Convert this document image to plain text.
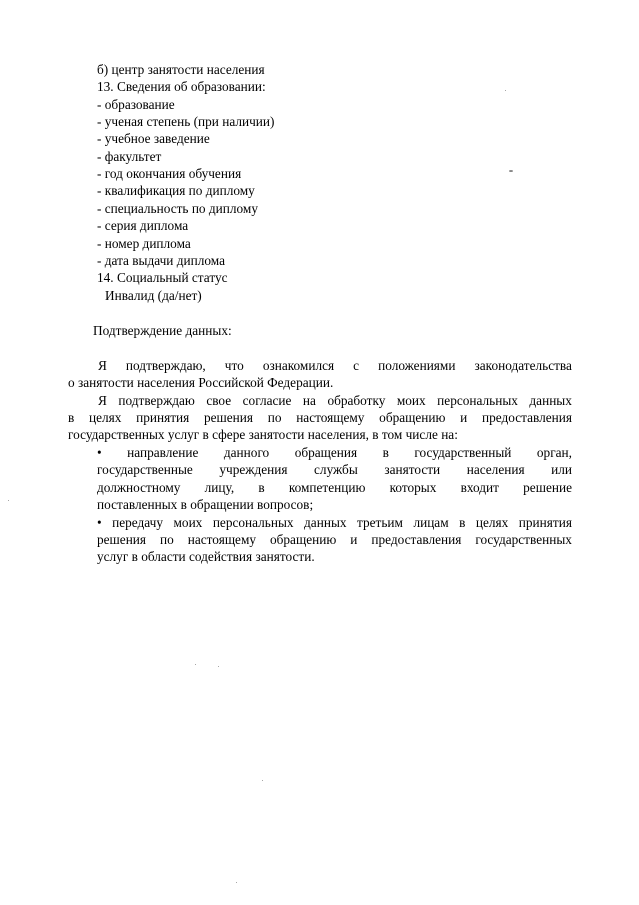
б) центр занятости населения
13. Сведения об образовании:
- образование
- ученая степень (при наличии)
- учебное заведение
- факультет
- год окончания обучения
- квалификация по диплому
- специальность по диплому
- серия диплома
- номер диплома
- дата выдачи диплома
14. Социальный статус
Инвалид (да/нет)
Подтверждение данных:
Я подтверждаю, что ознакомился с положениями законодательства
о занятости населения Российской Федерации.
Я подтверждаю свое согласие на обработку моих персональных данных
в целях принятия решения по настоящему обращению и предоставления
государственных услуг в сфере занятости населения, в том числе на:
• направление данного обращения в государственный орган,
государственные учреждения службы занятости населения или
должностному лицу, в компетенцию которых входит решение
поставленных в обращении вопросов;
• передачу моих персональных данных третьим лицам в целях принятия
решения по настоящему обращению и предоставления государственных
услуг в области содействия занятости.
